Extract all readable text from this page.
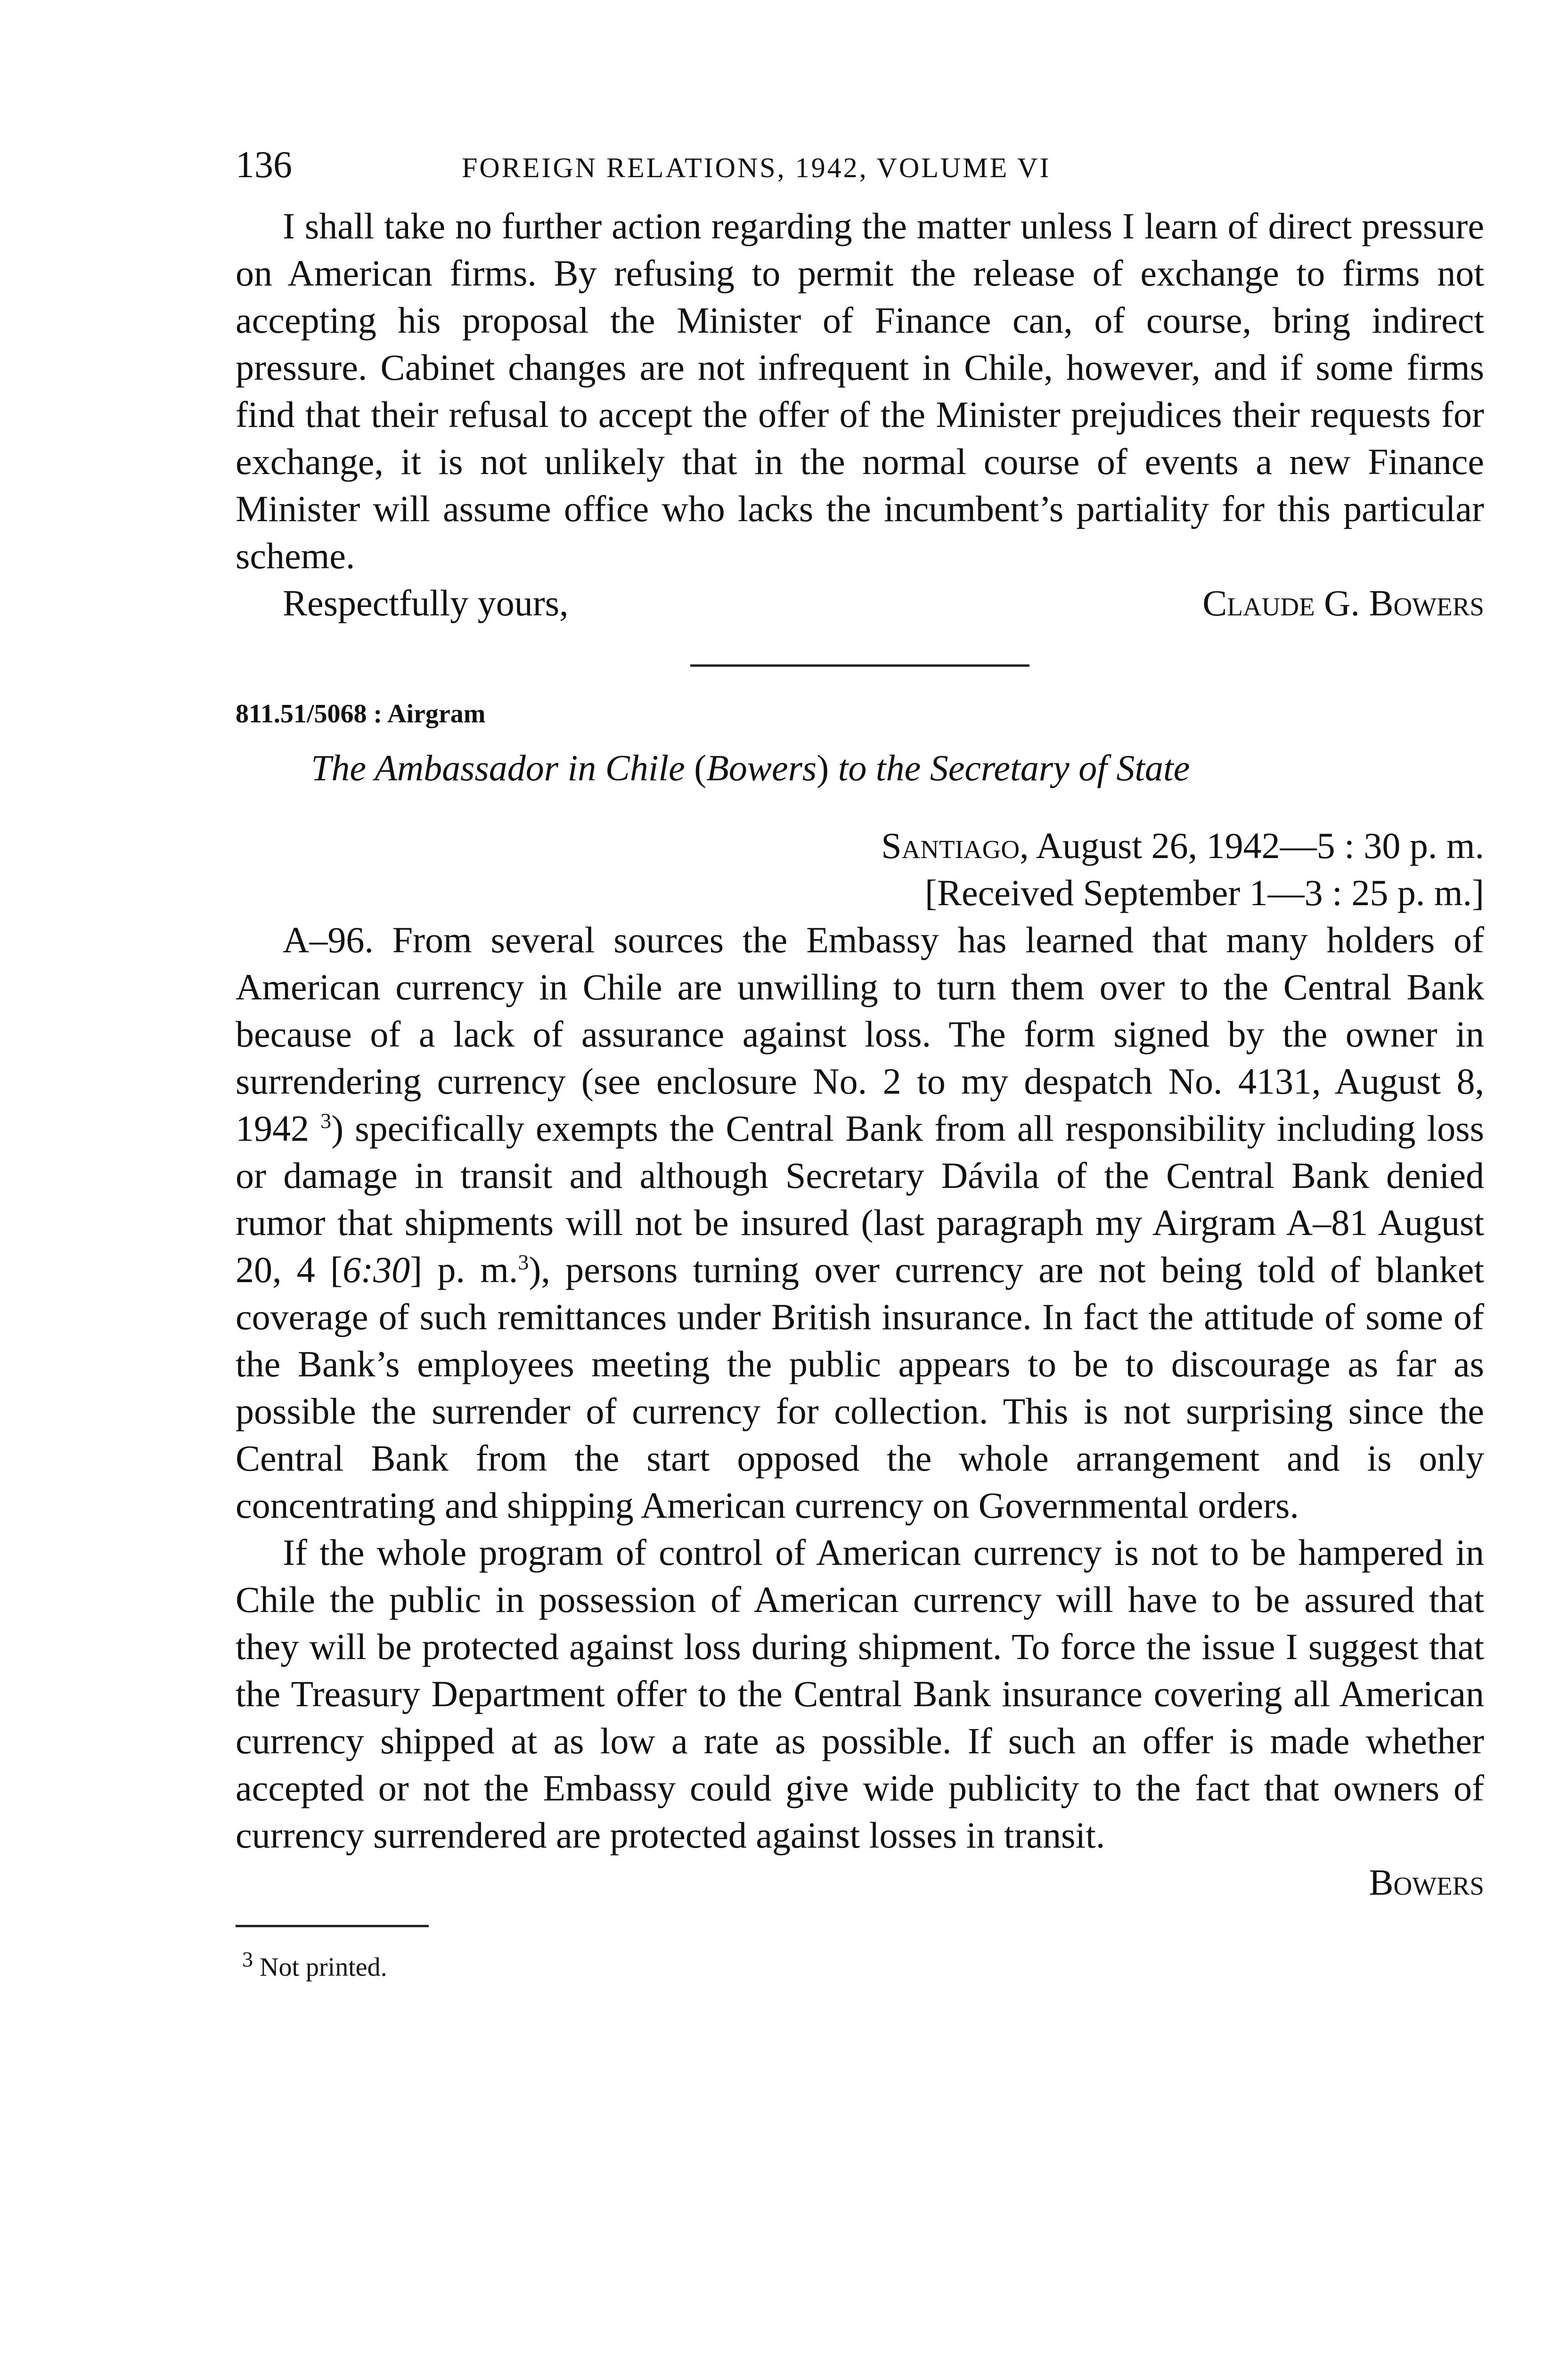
136	FOREIGN RELATIONS, 1942, VOLUME VI

I shall take no further action regarding the matter unless I learn of direct pressure on American firms. By refusing to permit the release of exchange to firms not accepting his proposal the Minister of Finance can, of course, bring indirect pressure. Cabinet changes are not infrequent in Chile, however, and if some firms find that their refusal to accept the offer of the Minister prejudices their requests for exchange, it is not unlikely that in the normal course of events a new Finance Minister will assume office who lacks the incumbent’s partiality for this particular scheme.

Respectfully yours,	Claude G. Bowers

811.51/5068 : Airgram

The Ambassador in Chile (Bowers) to the Secretary of State

Santiago, August 26, 1942—5 : 30 p. m.

[Received September 1—3 : 25 p. m.]

A–96. From several sources the Embassy has learned that many holders of American currency in Chile are unwilling to turn them over to the Central Bank because of a lack of assurance against loss. The form signed by the owner in surrendering currency (see enclosure No. 2 to my despatch No. 4131, August 8, 1942 $^3$) specifically exempts the Central Bank from all responsibility including loss or damage in transit and although Secretary Dávila of the Central Bank denied rumor that shipments will not be insured (last paragraph my Airgram A–81 August 20, 4 [6:30] p. m.$^3$), persons turning over currency are not being told of blanket coverage of such remittances under British insurance. In fact the attitude of some of the Bank’s employees meeting the public appears to be to discourage as far as possible the surrender of currency for collection. This is not surprising since the Central Bank from the start opposed the whole arrangement and is only concentrating and shipping American currency on Governmental orders.

If the whole program of control of American currency is not to be hampered in Chile the public in possession of American currency will have to be assured that they will be protected against loss during shipment. To force the issue I suggest that the Treasury Department offer to the Central Bank insurance covering all American currency shipped at as low a rate as possible. If such an offer is made whether accepted or not the Embassy could give wide publicity to the fact that owners of currency surrendered are protected against losses in transit.

Bowers

$^3$ Not printed.
